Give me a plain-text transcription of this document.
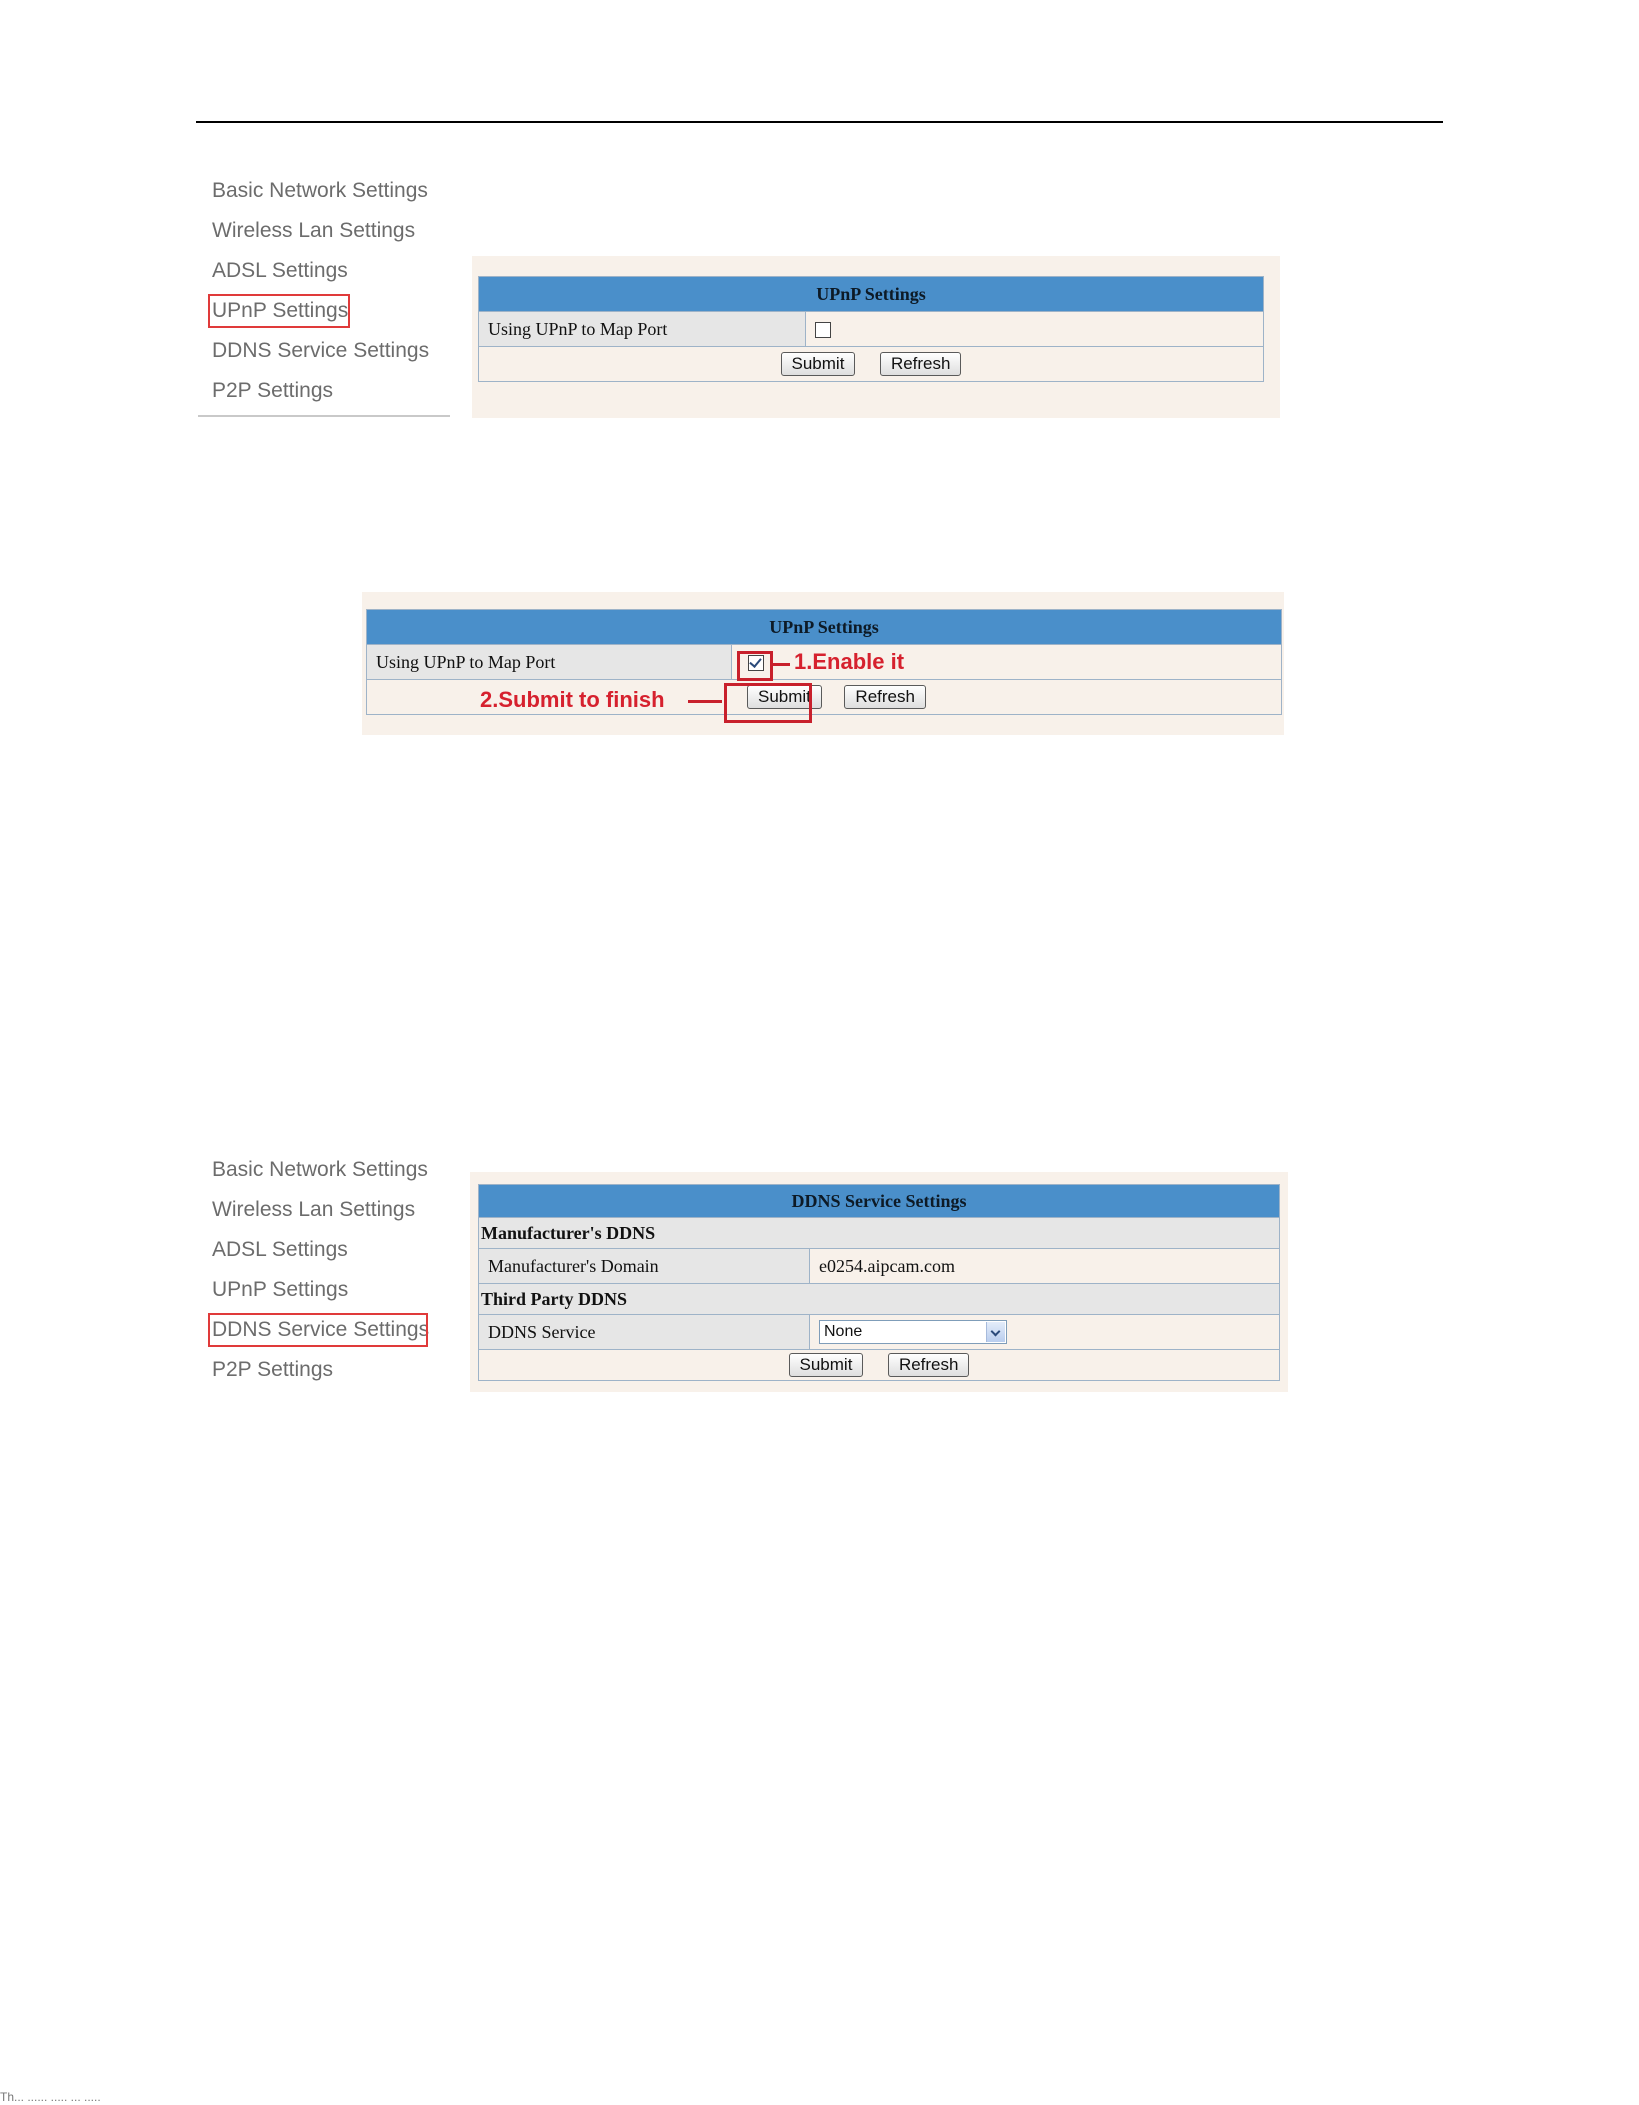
Basic Network Settings
Wireless Lan Settings
ADSL Settings
UPnP Settings
DDNS Service Settings
P2P Settings
UPnP Settings
Using UPnP to Map Port	
Submit	Refresh
UPnP Settings
Using UPnP to Map Port	
Submit	Refresh
1.Enable it
2.Submit to finish
Basic Network Settings
Wireless Lan Settings
ADSL Settings
UPnP Settings
DDNS Service Settings
P2P Settings
DDNS Service Settings	
Manufacturer's DDNS	
Manufacturer's Domain	e0254.aipcam.com
Third Party DDNS	
DDNS Service	None

Submit Refresh	
Th... ...... ..... ... .....
